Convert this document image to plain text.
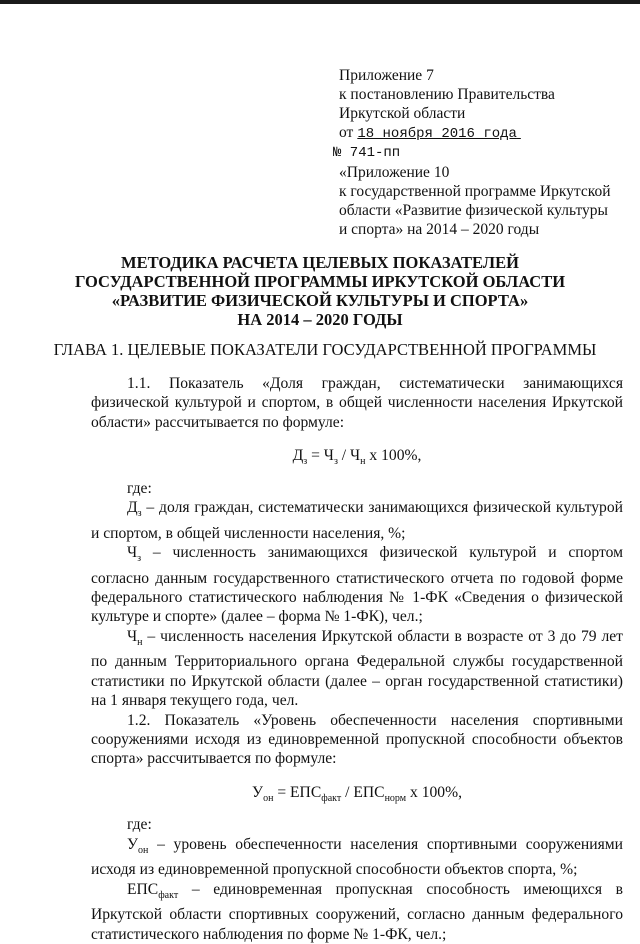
Приложение 7
к постановлению Правительства
Иркутской области
от 18 ноября 2016 года

№ 741-пп
«Приложение 10
к государственной программе Иркутской
области «Развитие физической культуры
и спорта» на 2014 – 2020 годы
МЕТОДИКА РАСЧЕТА ЦЕЛЕВЫХ ПОКАЗАТЕЛЕЙ
ГОСУДАРСТВЕННОЙ ПРОГРАММЫ ИРКУТСКОЙ ОБЛАСТИ
«РАЗВИТИЕ ФИЗИЧЕСКОЙ КУЛЬТУРЫ И СПОРТА»
НА 2014 – 2020 ГОДЫ
ГЛАВА 1. ЦЕЛЕВЫЕ ПОКАЗАТЕЛИ ГОСУДАРСТВЕННОЙ ПРОГРАММЫ

1.1. Показатель «Доля граждан, систематически занимающихся физической культурой и спортом, в общей численности населения Иркутской области» рассчитывается по формуле:

$Д_з = Ч_з / Ч_н$ х 100%,

где:

$Д_з$ – доля граждан, систематически занимающихся физической культурой и спортом, в общей численности населения, %;

$Ч_з$ – численность занимающихся физической культурой и спортом согласно данным государственного статистического отчета по годовой форме федерального статистического наблюдения № 1-ФК «Сведения о физической культуре и спорте» (далее – форма № 1-ФК), чел.;

$Ч_н$ – численность населения Иркутской области в возрасте от 3 до 79 лет по данным Территориального органа Федеральной службы государственной статистики по Иркутской области (далее – орган государственной статистики) на 1 января текущего года, чел.

1.2. Показатель «Уровень обеспеченности населения спортивными сооружениями исходя из единовременной пропускной способности объектов спорта» рассчитывается по формуле:

$У_{он} = ЕПС_{факт} / ЕПС_{норм}$ х 100%,

где:

$У_{он}$ – уровень обеспеченности населения спортивными сооружениями исходя из единовременной пропускной способности объектов спорта, %;

$ЕПС_{факт}$ – единовременная пропускная способность имеющихся в Иркутской области спортивных сооружений, согласно данным федерального статистического наблюдения по форме № 1-ФК, чел.;
